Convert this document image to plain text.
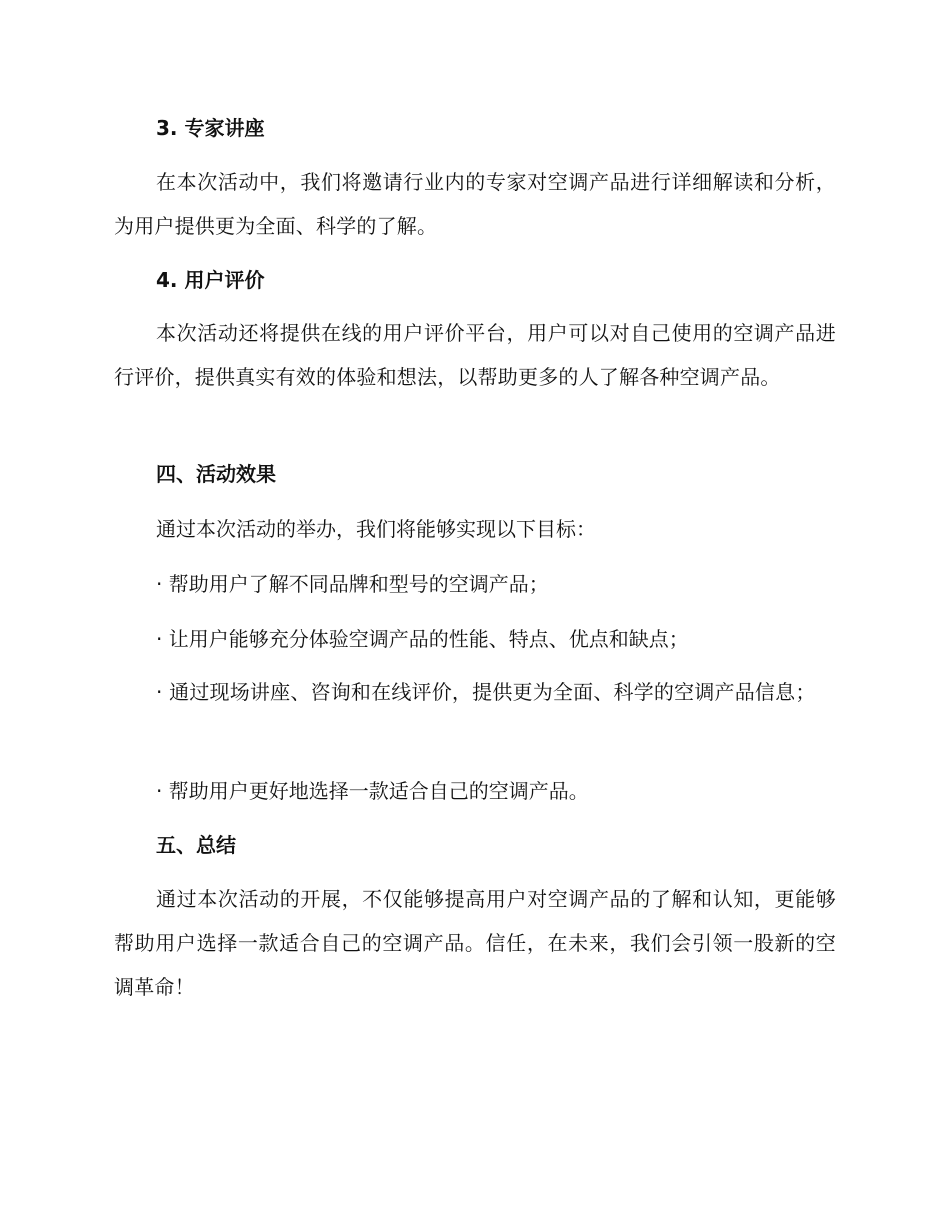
3. 专家讲座

在本次活动中，我们将邀请行业内的专家对空调产品进行详细解读和分析，为用户提供更为全面、科学的了解。

4. 用户评价

本次活动还将提供在线的用户评价平台，用户可以对自己使用的空调产品进行评价，提供真实有效的体验和想法，以帮助更多的人了解各种空调产品。

四、活动效果

通过本次活动的举办，我们将能够实现以下目标：

· 帮助用户了解不同品牌和型号的空调产品；

· 让用户能够充分体验空调产品的性能、特点、优点和缺点；

· 通过现场讲座、咨询和在线评价，提供更为全面、科学的空调产品信息；

· 帮助用户更好地选择一款适合自己的空调产品。

五、总结

通过本次活动的开展，不仅能够提高用户对空调产品的了解和认知，更能够帮助用户选择一款适合自己的空调产品。信任，在未来，我们会引领一股新的空调革命！
